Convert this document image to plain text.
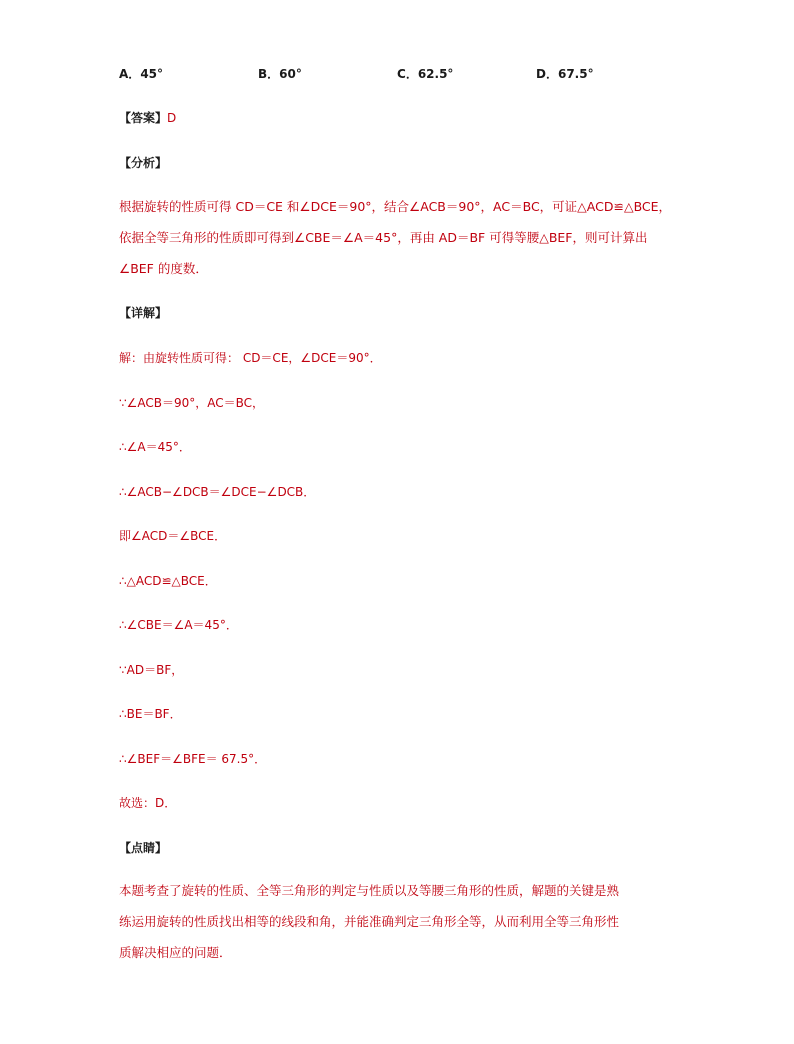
A．45°	B．60°	C．62.5°	D．67.5°
【答案】D
【分析】
根据旋转的性质可得 CD＝CE 和∠DCE＝90°，结合∠ACB＝90°，AC＝BC，可证△ACD≌△BCE，
依据全等三角形的性质即可得到∠CBE＝∠A＝45°，再由 AD＝BF 可得等腰△BEF，则可计算出
∠BEF 的度数．
【详解】
解：由旋转性质可得： CD＝CE，∠DCE＝90°．
∵∠ACB＝90°，AC＝BC，
∴∠A＝45°．
∴∠ACB−∠DCB＝∠DCE−∠DCB．
即∠ACD＝∠BCE．
∴△ACD≌△BCE．
∴∠CBE＝∠A＝45°．
∵AD＝BF，
∴BE＝BF．
∴∠BEF＝∠BFE＝ 67.5°．
故选：D．
【点睛】
本题考查了旋转的性质、全等三角形的判定与性质以及等腰三角形的性质，解题的关键是熟
练运用旋转的性质找出相等的线段和角，并能准确判定三角形全等，从而利用全等三角形性
质解决相应的问题．
